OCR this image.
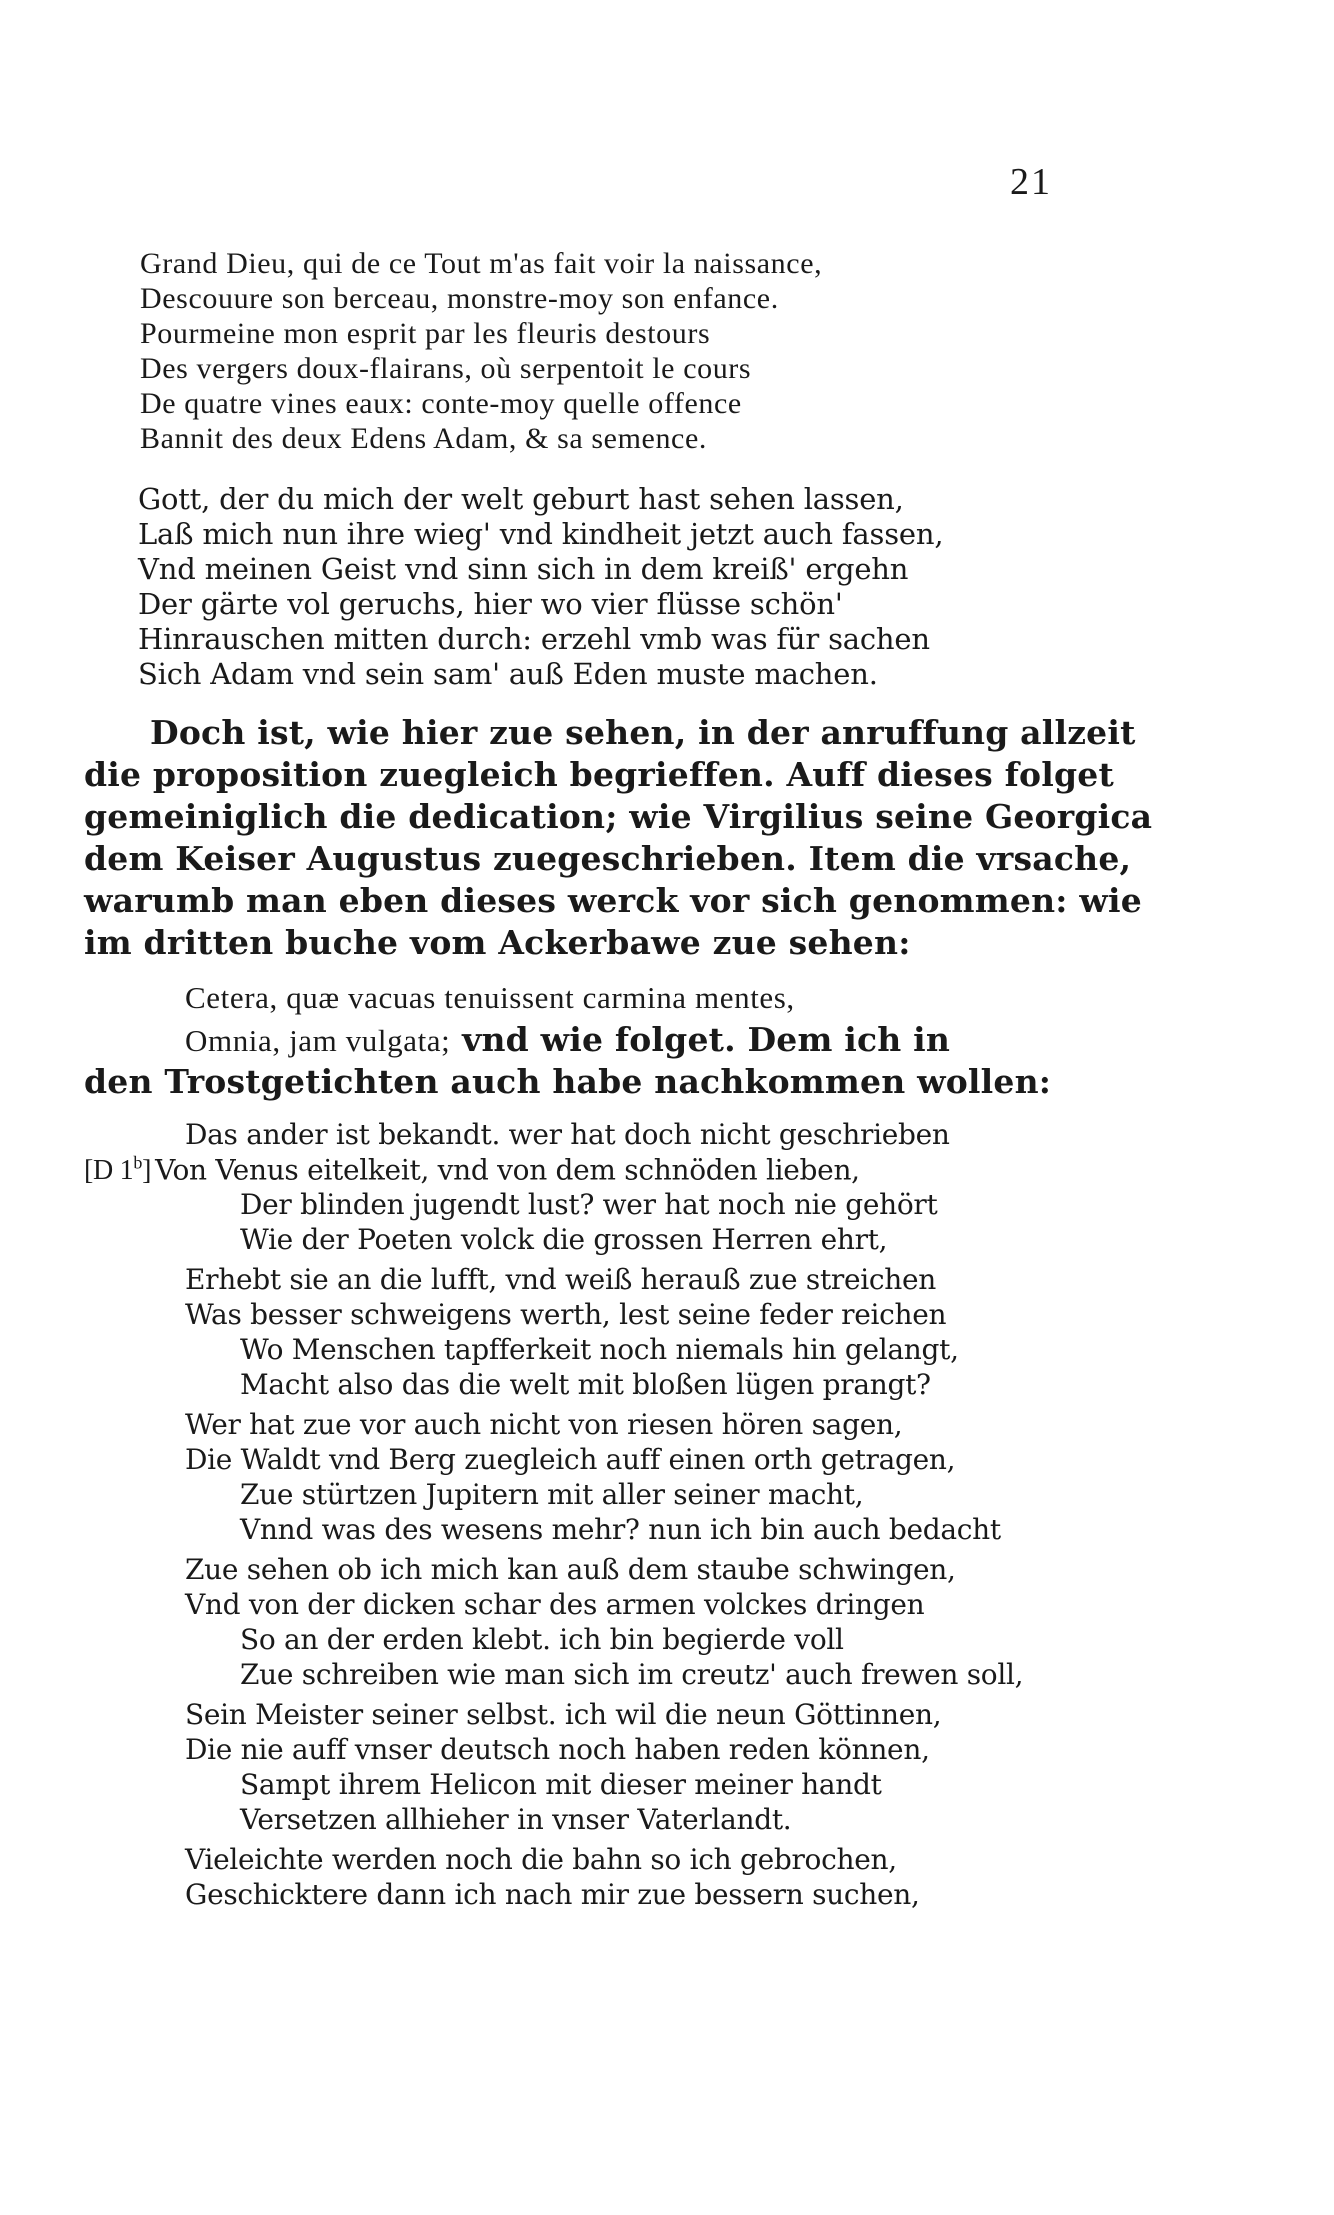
21
Grand Dieu, qui de ce Tout m'as fait voir la naissance,
Descouure son berceau, monstre-moy son enfance.
Pourmeine mon esprit par les fleuris destours
Des vergers doux-flairans, où serpentoit le cours
De quatre vines eaux: conte-moy quelle offence
Bannit des deux Edens Adam, & sa semence.
Gott, der du mich der welt geburt hast sehen lassen,
Laß mich nun ihre wieg' vnd kindheit jetzt auch fassen,
Vnd meinen Geist vnd sinn sich in dem kreiß' ergehn
Der gärte vol geruchs, hier wo vier flüsse schön'
Hinrauschen mitten durch: erzehl vmb was für sachen
Sich Adam vnd sein sam' auß Eden muste machen.
Doch ist, wie hier zue sehen, in der anruffung allzeit
die proposition zuegleich begrieffen. Auff dieses folget
gemeiniglich die dedication; wie Virgilius seine Georgica
dem Keiser Augustus zuegeschrieben. Item die vrsache,
warumb man eben dieses werck vor sich genommen: wie
im dritten buche vom Ackerbawe zue sehen:
Cetera, quæ vacuas tenuissent carmina mentes,
Omnia, jam vulgata; vnd wie folget. Dem ich in
den Trostgetichten auch habe nachkommen wollen:
Das ander ist bekandt. wer hat doch nicht geschrieben
[D 1$^b$] Von Venus eitelkeit, vnd von dem schnöden lieben,
Der blinden jugendt lust? wer hat noch nie gehört
Wie der Poeten volck die grossen Herren ehrt,
Erhebt sie an die lufft, vnd weiß herauß zue streichen
Was besser schweigens werth, lest seine feder reichen
Wo Menschen tapfferkeit noch niemals hin gelangt,
Macht also das die welt mit bloßen lügen prangt?
Wer hat zue vor auch nicht von riesen hören sagen,
Die Waldt vnd Berg zuegleich auff einen orth getragen,
Zue stürtzen Jupitern mit aller seiner macht,
Vnnd was des wesens mehr? nun ich bin auch bedacht
Zue sehen ob ich mich kan auß dem staube schwingen,
Vnd von der dicken schar des armen volckes dringen
So an der erden klebt. ich bin begierde voll
Zue schreiben wie man sich im creutz' auch frewen soll,
Sein Meister seiner selbst. ich wil die neun Göttinnen,
Die nie auff vnser deutsch noch haben reden können,
Sampt ihrem Helicon mit dieser meiner handt
Versetzen allhieher in vnser Vaterlandt.
Vieleichte werden noch die bahn so ich gebrochen,
Geschicktere dann ich nach mir zue bessern suchen,
